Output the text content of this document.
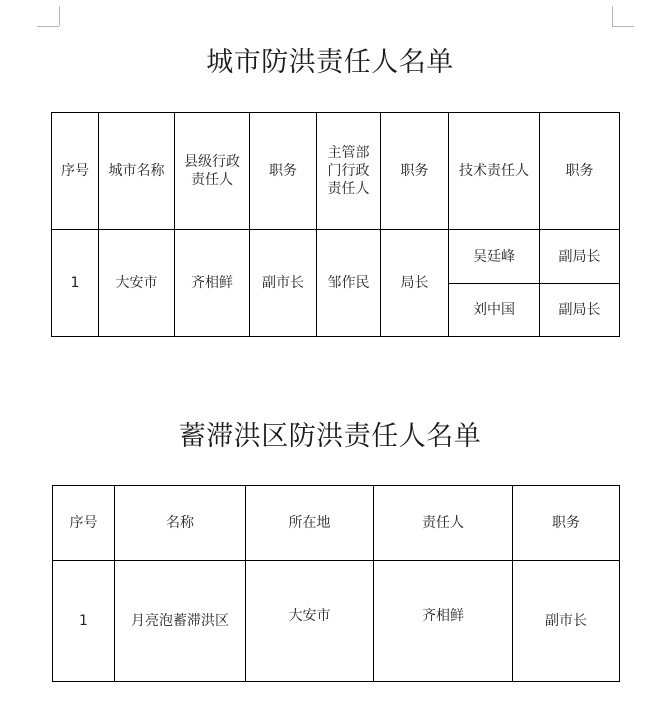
城市防洪责任人名单
序号	城市名称	县级行政责任人	职务	主管部门行政责任人	职务	技术责任人	职务
1	大安市	齐相鲜	副市长	邹作民	局长	吴廷峰	副局长
						刘中国	副局长
蓄滞洪区防洪责任人名单
序号	名称	所在地	责任人	职务
1	月亮泡蓄滞洪区	大安市	齐相鲜	副市长
